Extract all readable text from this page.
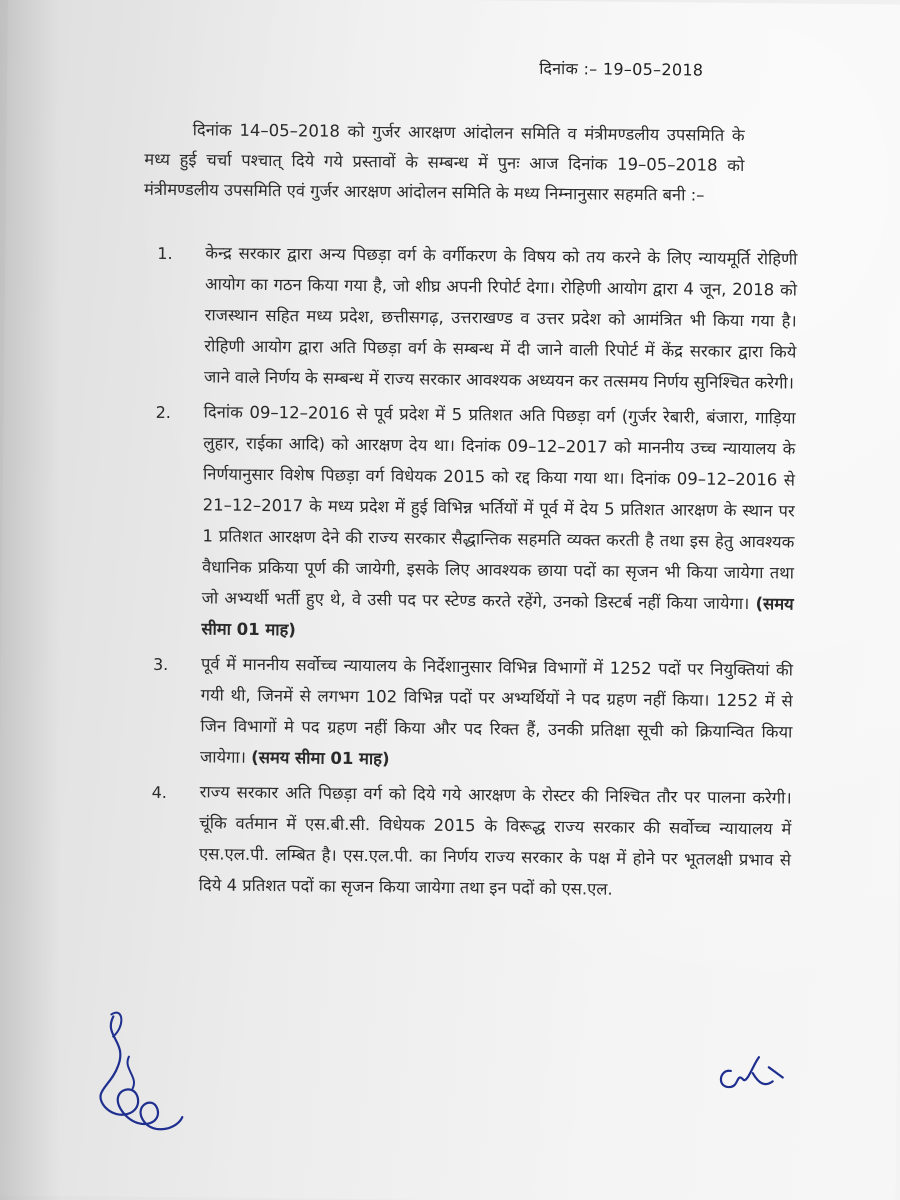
दिनांक :– 19–05–2018
दिनांक 14–05–2018 को गुर्जर आरक्षण आंदोलन समिति व मंत्रीमण्डलीय उपसमिति के मध्य हुई चर्चा पश्चात् दिये गये प्रस्तावों के सम्बन्ध में पुनः आज दिनांक 19–05–2018 को मंत्रीमण्डलीय उपसमिति एवं गुर्जर आरक्षण आंदोलन समिति के मध्य निम्नानुसार सहमति बनी :–
1.	केन्द्र सरकार द्वारा अन्य पिछड़ा वर्ग के वर्गीकरण के विषय को तय करने के लिए न्यायमूर्ति रोहिणी आयोग का गठन किया गया है, जो शीघ्र अपनी रिपोर्ट देगा। रोहिणी आयोग द्वारा 4 जून, 2018 को राजस्थान सहित मध्य प्रदेश, छत्तीसगढ़, उत्तराखण्ड व उत्तर प्रदेश को आमंत्रित भी किया गया है। रोहिणी आयोग द्वारा अति पिछड़ा वर्ग के सम्बन्ध में दी जाने वाली रिपोर्ट में केंद्र सरकार द्वारा किये जाने वाले निर्णय के सम्बन्ध में राज्य सरकार आवश्यक अध्ययन कर तत्समय निर्णय सुनिश्चित करेगी।
2.	दिनांक 09–12–2016 से पूर्व प्रदेश में 5 प्रतिशत अति पिछड़ा वर्ग (गुर्जर रेबारी, बंजारा, गाड़िया लुहार, राईका आदि) को आरक्षण देय था। दिनांक 09–12–2017 को माननीय उच्च न्यायालय के निर्णयानुसार विशेष पिछड़ा वर्ग विधेयक 2015 को रद्द किया गया था। दिनांक 09–12–2016 से 21–12–2017 के मध्य प्रदेश में हुई विभिन्न भर्तियों में पूर्व में देय 5 प्रतिशत आरक्षण के स्थान पर 1 प्रतिशत आरक्षण देने की राज्य सरकार सैद्धान्तिक सहमति व्यक्त करती है तथा इस हेतु आवश्यक वैधानिक प्रकिया पूर्ण की जायेगी, इसके लिए आवश्यक छाया पदों का सृजन भी किया जायेगा तथा जो अभ्यर्थी भर्ती हुए थे, वे उसी पद पर स्टेण्ड करते रहेंगे, उनको डिस्टर्ब नहीं किया जायेगा। (समय सीमा 01 माह)
3.	पूर्व में माननीय सर्वोच्च न्यायालय के निर्देशानुसार विभिन्न विभागों में 1252 पदों पर नियुक्तियां की गयी थी, जिनमें से लगभग 102 विभिन्न पदों पर अभ्यर्थियों ने पद ग्रहण नहीं किया। 1252 में से जिन विभागों मे पद ग्रहण नहीं किया और पद रिक्त हैं, उनकी प्रतिक्षा सूची को क्रियान्वित किया जायेगा। (समय सीमा 01 माह)
4.	राज्य सरकार अति पिछड़ा वर्ग को दिये गये आरक्षण के रोस्टर की निश्चित तौर पर पालना करेगी। चूंकि वर्तमान में एस.बी.सी. विधेयक 2015 के विरूद्ध राज्य सरकार की सर्वोच्च न्यायालय में एस.एल.पी. लम्बित है। एस.एल.पी. का निर्णय राज्य सरकार के पक्ष में होने पर भूतलक्षी प्रभाव से दिये 4 प्रतिशत पदों का सृजन किया जायेगा तथा इन पदों को एस.एल.
